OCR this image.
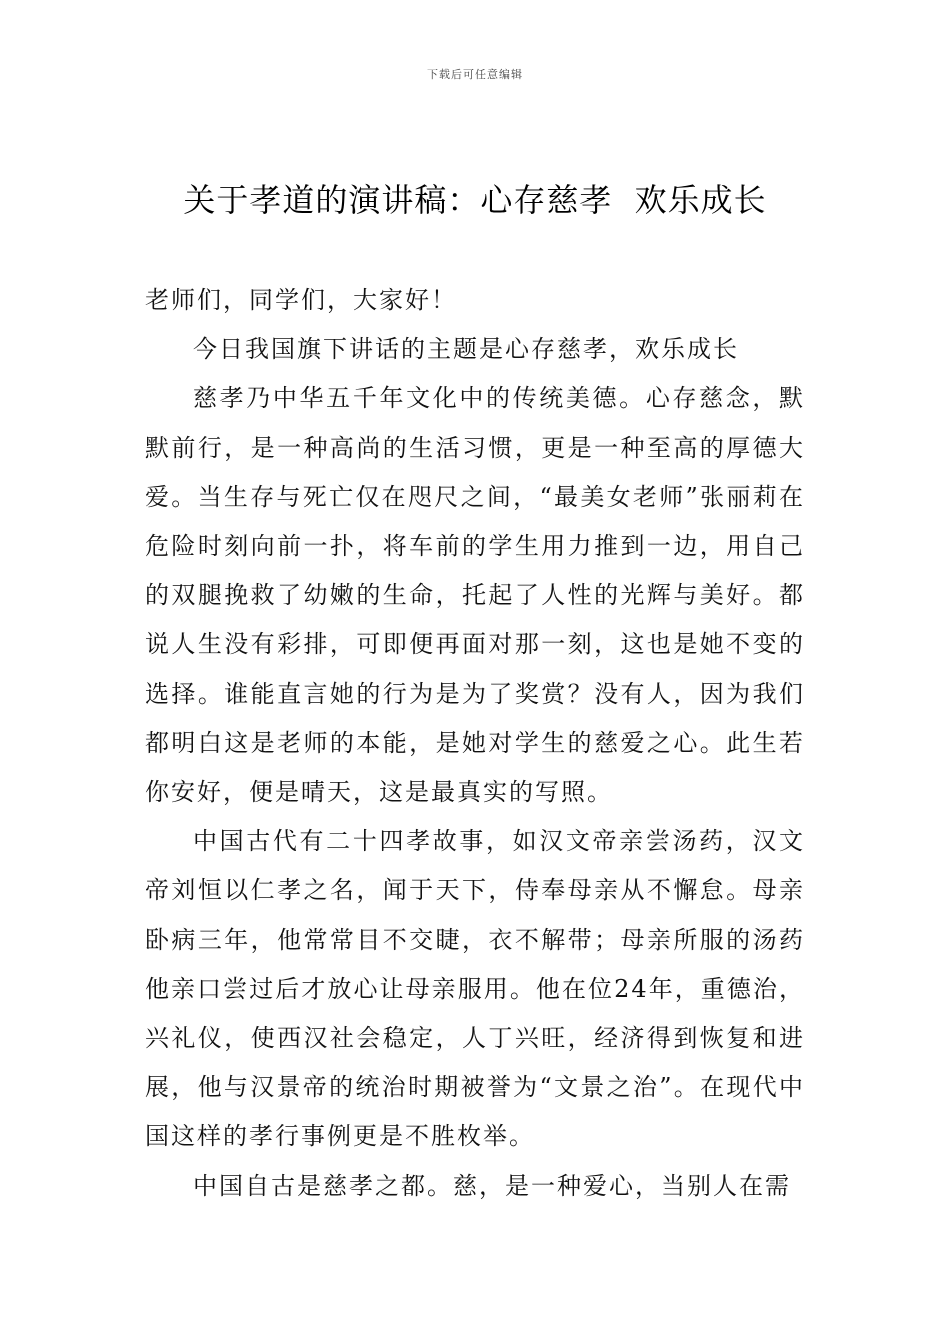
下载后可任意编辑
关于孝道的演讲稿：心存慈孝  欢乐成长

老师们，同学们，大家好！

今日我国旗下讲话的主题是心存慈孝，欢乐成长

慈孝乃中华五千年文化中的传统美德。心存慈念，默默前行，是一种高尚的生活习惯，更是一种至高的厚德大爱。当生存与死亡仅在咫尺之间，“最美女老师”张丽莉在危险时刻向前一扑，将车前的学生用力推到一边，用自己的双腿挽救了幼嫩的生命，托起了人性的光辉与美好。都说人生没有彩排，可即便再面对那一刻，这也是她不变的选择。谁能直言她的行为是为了奖赏？没有人，因为我们都明白这是老师的本能，是她对学生的慈爱之心。此生若你安好，便是晴天，这是最真实的写照。

中国古代有二十四孝故事，如汉文帝亲尝汤药，汉文帝刘恒以仁孝之名，闻于天下，侍奉母亲从不懈怠。母亲卧病三年，他常常目不交睫，衣不解带；母亲所服的汤药他亲口尝过后才放心让母亲服用。他在位24年，重德治，兴礼仪，使西汉社会稳定，人丁兴旺，经济得到恢复和进展，他与汉景帝的统治时期被誉为“文景之治”。在现代中国这样的孝行事例更是不胜枚举。

中国自古是慈孝之都。慈，是一种爱心，当别人在需
